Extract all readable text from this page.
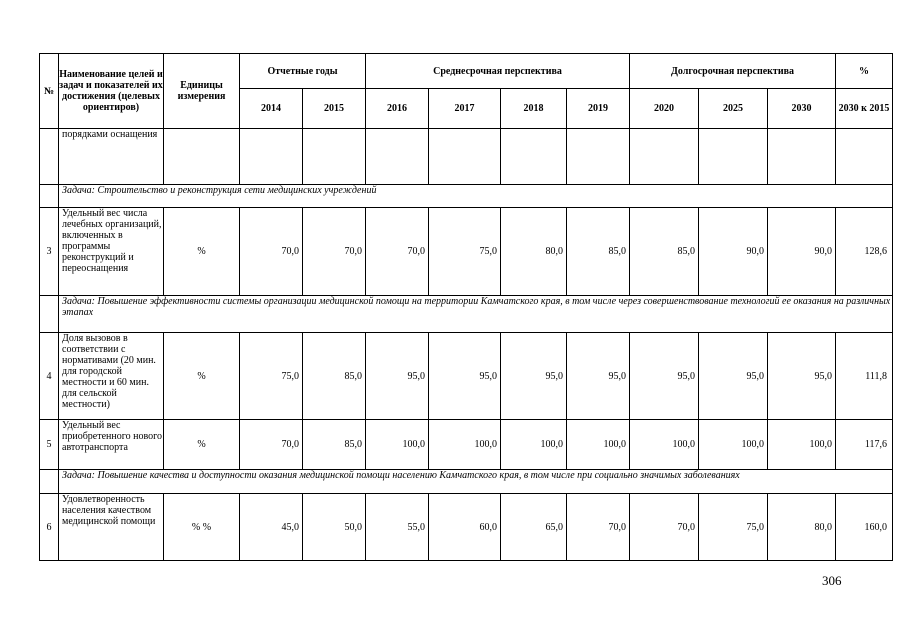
№	Наименование целей и задач и показателей их достижения (целевых ориентиров)	Единицы измерения	Отчетные годы		Среднесрочная перспектива				Долгосрочная перспектива			%
			2014	2015	2016	2017	2018	2019	2020	2025	2030	2030 к 2015
	порядками оснащения											
	Задача: Строительство и реконструкция сети медицинских учреждений											
3	Удельный вес числа лечебных организаций, включенных в программы реконструкций и переоснащения	%	70,0	70,0	70,0	75,0	80,0	85,0	85,0	90,0	90,0	128,6
	Задача: Повышение эффективности системы организации медицинской помощи на территории Камчатского края, в том числе через совершенствование технологий ее оказания на различных этапах											
4	Доля вызовов в соответствии с нормативами (20 мин. для городской местности и 60 мин. для сельской местности)	%	75,0	85,0	95,0	95,0	95,0	95,0	95,0	95,0	95,0	111,8
5	Удельный вес приобретенного нового автотранспорта	%	70,0	85,0	100,0	100,0	100,0	100,0	100,0	100,0	100,0	117,6
	Задача: Повышение качества и доступности оказания медицинской помощи населению Камчатского края, в том числе при социально значимых заболеваниях											
6	Удовлетворенность населения качеством медицинской помощи	% %	45,0	50,0	55,0	60,0	65,0	70,0	70,0	75,0	80,0	160,0
306
